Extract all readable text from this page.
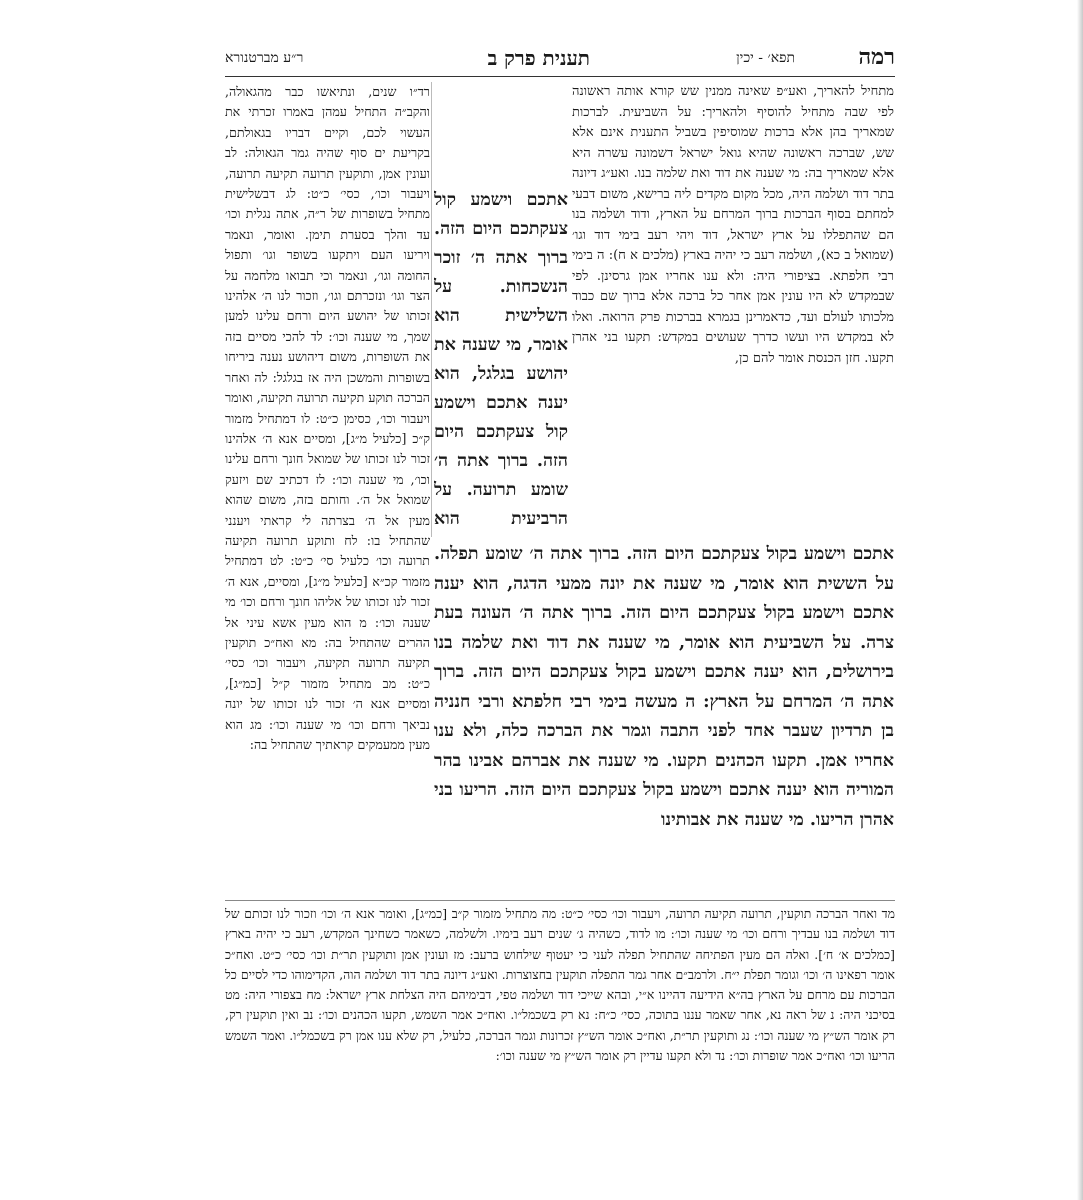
רמה
תפא׳ - יכין
תענית פרק ב
ר״ע מברטנורא
מתחיל להאריך, ואע״פ שאינה ממנין שש קורא אותה ראשונה לפי שבה מתחיל להוסיף ולהאריך: על השביעית. לברכות שמאריך בהן אלא ברכות שמוסיפין בשביל התענית אינם אלא שש, שברכה ראשונה שהיא גואל ישראל דשמונה עשרה היא אלא שמאריך בה: מי שענה את דוד ואת שלמה בנו. ואע״ג דיונה בתר דוד ושלמה היה, מכל מקום מקדים ליה ברישא, משום דבעי למחתם בסוף הברכות ברוך המרחם על הארץ, ודוד ושלמה בנו הם שהתפללו על ארץ ישראל, דוד ויהי רעב בימי דוד וגו׳ (שמואל ב כא), ושלמה רעב כי יהיה בארץ (מלכים א ח): ה בימי רבי חלפתא. בציפורי היה: ולא ענו אחריו אמן גרסינן. לפי שבמקדש לא היו עונין אמן אחר כל ברכה אלא ברוך שם כבוד מלכותו לעולם ועד, כדאמרינן בגמרא בברכות פרק הרואה. ואלו לא במקדש היו ועשו כדרך שעושים במקדש: תקעו בני אהרן תקעו. חזן הכנסת אומר להם כן,
אתכם וישמע קול צעקתכם היום הזה. ברוך אתה ה׳ זוכר הנשכחות. על השלישית הוא אומר, מי שענה את יהושע בגלגל, הוא יענה אתכם וישמע קול צעקתכם היום הזה. ברוך אתה ה׳ שומע תרועה. על הרביעית הוא
אתכם וישמע בקול צעקתכם היום הזה. ברוך אתה ה׳ שומע תפלה. על הששית הוא אומר, מי שענה את יונה ממעי הדגה, הוא יענה אתכם וישמע בקול צעקתכם היום הזה. ברוך אתה ה׳ העונה בעת צרה. על השביעית הוא אומר, מי שענה את דוד ואת שלמה בנו בירושלים, הוא יענה אתכם וישמע בקול צעקתכם היום הזה. ברוך אתה ה׳ המרחם על הארץ: ה מעשה בימי רבי חלפתא ורבי חנניה בן תרדיון שעבר אחד לפני התבה וגמר את הברכה כלה, ולא ענו אחריו אמן. תקעו הכהנים תקעו. מי שענה את אברהם אבינו בהר המוריה הוא יענה אתכם וישמע בקול צעקתכם היום הזה. הריעו בני אהרן הריעו. מי שענה את אבותינו
רד״ו שנים, ונתיאשו כבר מהגאולה, והקב״ה התחיל עמהן באמרו זכרתי את העשוי לכם, וקיים דבריו בגאולתם, בקריעת ים סוף שהיה גמר הגאולה: לב ועונין אמן, ותוקעין תרועה תקיעה תרועה, ויעבור וכו׳, כסי׳ כ״ט: לג דבשלישית מתחיל בשופרות של ר״ה, אתה נגלית וכו׳ עד והלך בסערת תימן. ואומר, ונאמר ויריעו העם ויתקעו בשופר וגו׳ ותפול החומה וגו׳, ונאמר וכי תבואו מלחמה על הצר וגו׳ ונזכרתם וגו׳, וזכור לנו ה׳ אלהינו זכותו של יהושע היום ורחם עלינו למען שמך, מי שענה וכו׳: לד להכי מסיים בזה את השופרות, משום דיהושע נענה ביריחו בשופרות והמשכן היה אז בגלגל: לה ואחר הברכה תוקע תקיעה תרועה תקיעה, ואומר ויעבור וכו׳, כסימן כ״ט: לו דמתחיל מזמור ק״כ [כלעיל מ״ג], ומסיים אנא ה׳ אלהינו זכור לנו זכותו של שמואל חונך ורחם עלינו וכו׳, מי שענה וכו׳: לז דכתיב שם ויזעק שמואל אל ה׳. וחותם בזה, משום שהוא מעין אל ה׳ בצרתה לי קראתי ויענני שהתחיל בו: לח ותוקע תרועה תקיעה תרועה וכו׳ כלעיל סי׳ כ״ט: לט דמתחיל מזמור קכ״א [כלעיל מ״ג], ומסיים, אנא ה׳ זכור לנו זכותו של אליהו חונך ורחם וכו׳ מי שענה וכו׳: מ הוא מעין אשא עיני אל ההרים שהתחיל בה: מא ואח״כ תוקעין תקיעה תרועה תקיעה, ויעבור וכו׳ כסי׳ כ״ט: מב מתחיל מזמור ק״ל [כמ״ג], ומסיים אנא ה׳ זכור לנו זכותו של יונה נביאך ורחם וכו׳ מי שענה וכו׳: מג הוא מעין ממעמקים קראתיך שהתחיל בה:
מד ואחר הברכה תוקעין, תרועה תקיעה תרועה, ויעבור וכו׳ כסי׳ כ״ט: מה מתחיל מזמור ק״ב [כמ״ג], ואומר אנא ה׳ וכו׳ וזכור לנו זכותם של דוד ושלמה בנו עבדיך ורחם וכו׳ מי שענה וכו׳: מו לדוד, כשהיה ג׳ שנים רעב בימיו. ולשלמה, כשאמר כשחינך המקדש, רעב כי יהיה בארץ [כמלכים א׳ ח׳]. ואלה הם מעין הפתיחה שהתחיל תפלה לעני כי יעטוף שילחוש ברעב: מז ועונין אמן ותוקעין תר״ת וכו׳ כסי׳ כ״ט. ואח״כ אומר רפאינו ה׳ וכו׳ וגומר תפלת י״ח. ולרמב״ם אחר גמר התפלה תוקעין בחצוצרות. ואע״ג דיונה בתר דוד ושלמה הוה, הקדימוהו כדי לסיים כל הברכות עם מרחם על הארץ בה״א הידיעה דהיינו א״י, ובהא שייכי דוד ושלמה טפי, דבימיהם היה הצלחת ארץ ישראל: מח בצפורי היה: מט בסיכני היה: נ של ראה נא, אחר שאמר עננו בתוכה, כסי׳ כ״ח: נא רק בשכמל״ו. ואח״כ אמר השמש, תקעו הכהנים וכו׳: נב ואין תוקעין רק, רק אומר הש״ץ מי שענה וכו׳: נג ותוקעין תר״ת, ואח״כ אומר הש״ץ זכרונות וגמר הברכה, כלעיל, רק שלא ענו אמן רק בשכמל״ו. ואמר השמש הריעו וכו׳ ואח״כ אמר שופרות וכו׳: נד ולא תקעו עדיין רק אומר הש״ץ מי שענה וכו׳:
